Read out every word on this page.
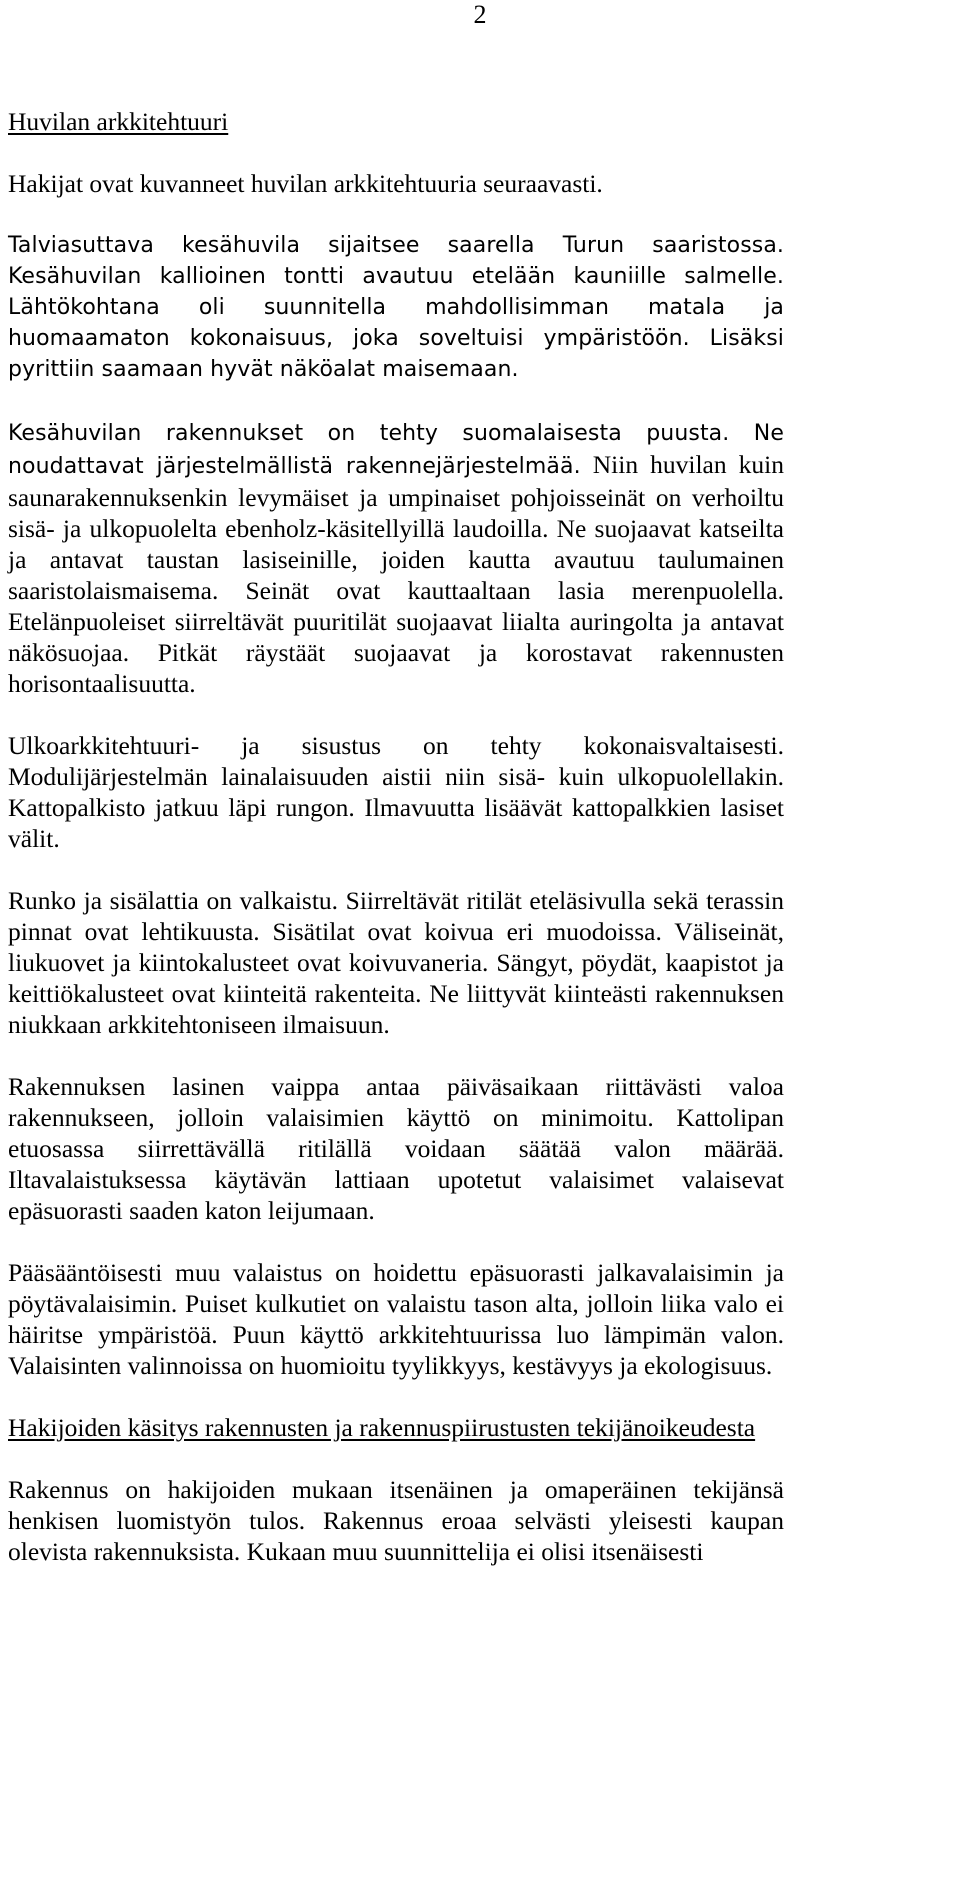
2
Huvilan arkkitehtuuri

Hakijat ovat kuvanneet huvilan arkkitehtuuria seuraavasti.

Talviasuttava kesähuvila sijaitsee saarella Turun saaristossa. Kesähuvilan kallioinen tontti avautuu etelään kauniille salmelle. Lähtökohtana oli suunnitella mahdollisimman matala ja huomaamaton kokonaisuus, joka soveltuisi ympäristöön. Lisäksi pyrittiin saamaan hyvät näköalat maisemaan.

Kesähuvilan rakennukset on tehty suomalaisesta puusta. Ne noudattavat järjestelmällistä rakennejärjestelmää. Niin huvilan kuin saunarakennuksenkin levymäiset ja umpinaiset pohjoisseinät on verhoiltu sisä- ja ulkopuolelta ebenholz-käsitellyillä laudoilla. Ne suojaavat katseilta ja antavat taustan lasiseinille, joiden kautta avautuu taulumainen saaristolaismaisema. Seinät ovat kauttaaltaan lasia merenpuolella. Etelänpuoleiset siirreltävät puuritilät suojaavat liialta auringolta ja antavat näkösuojaa. Pitkät räystäät suojaavat ja korostavat rakennusten horisontaalisuutta.

Ulkoarkkitehtuuri- ja sisustus on tehty kokonaisvaltaisesti. Modulijärjestelmän lainalaisuuden aistii niin sisä- kuin ulkopuolellakin. Kattopalkisto jatkuu läpi rungon. Ilmavuutta lisäävät kattopalkkien lasiset välit.

Runko ja sisälattia on valkaistu. Siirreltävät ritilät eteläsivulla sekä terassin pinnat ovat lehtikuusta. Sisätilat ovat koivua eri muodoissa. Väliseinät, liukuovet ja kiintokalusteet ovat koivuvaneria. Sängyt, pöydät, kaapistot ja keittiökalusteet ovat kiinteitä rakenteita. Ne liittyvät kiinteästi rakennuksen niukkaan arkkitehtoniseen ilmaisuun.

Rakennuksen lasinen vaippa antaa päiväsaikaan riittävästi valoa rakennukseen, jolloin valaisimien käyttö on minimoitu. Kattolipan etuosassa siirrettävällä ritilällä voidaan säätää valon määrää. Iltavalaistuksessa käytävän lattiaan upotetut valaisimet valaisevat epäsuorasti saaden katon leijumaan.

Pääsääntöisesti muu valaistus on hoidettu epäsuorasti jalkavalaisimin ja pöytävalaisimin. Puiset kulkutiet on valaistu tason alta, jolloin liika valo ei häiritse ympäristöä. Puun käyttö arkkitehtuurissa luo lämpimän valon. Valaisinten valinnoissa on huomioitu tyylikkyys, kestävyys ja ekologisuus.

Hakijoiden käsitys rakennusten ja rakennuspiirustusten tekijänoikeudesta

Rakennus on hakijoiden mukaan itsenäinen ja omaperäinen tekijänsä henkisen luomistyön tulos. Rakennus eroaa selvästi yleisesti kaupan olevista rakennuksista. Kukaan muu suunnittelija ei olisi itsenäisesti
